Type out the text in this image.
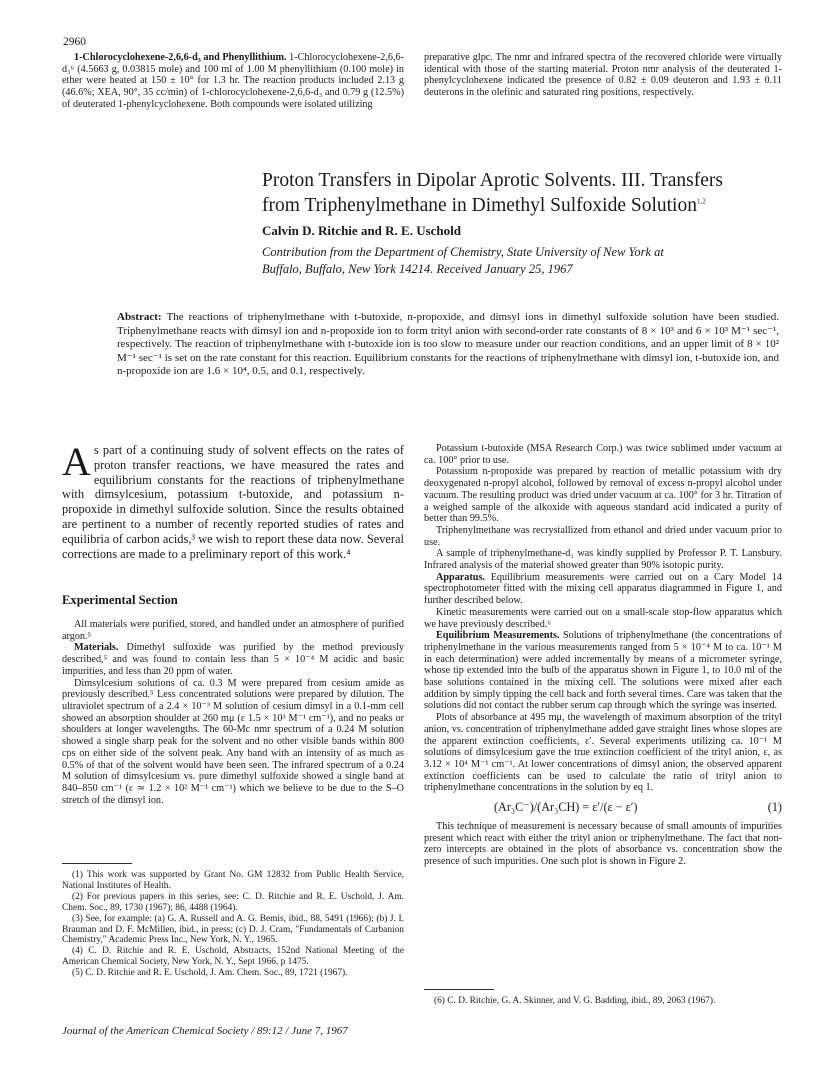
2960

1-Chlorocyclohexene-2,6,6-d₃ and Phenyllithium. 1-Chlorocyclohexene-2,6,6-d₃⁶ (4.5663 g, 0.03815 mole) and 100 ml of 1.00 M phenyllithium (0.100 mole) in ether were heated at 150 ± 10° for 1.3 hr. The reaction products included 2.13 g (46.6%; XEA, 90°, 35 cc/min) of 1-chlorocyclohexene-2,6,6-d₃ and 0.79 g (12.5%) of deuterated 1-phenylcyclohexene. Both compounds were isolated utilizing

preparative glpc. The nmr and infrared spectra of the recovered chloride were virtually identical with those of the starting material. Proton nmr analysis of the deuterated 1-phenylcyclohexene indicated the presence of 0.82 ± 0.09 deuteron and 1.93 ± 0.11 deuterons in the olefinic and saturated ring positions, respectively.

Proton Transfers in Dipolar Aprotic Solvents. III. Transfers
from Triphenylmethane in Dimethyl Sulfoxide Solution$^{1,2}$
Calvin D. Ritchie and R. E. Uschold
Contribution from the Department of Chemistry, State University of New York at
Buffalo, Buffalo, New York 14214. Received January 25, 1967
Abstract: The reactions of triphenylmethane with t-butoxide, n-propoxide, and dimsyl ions in dimethyl sulfoxide solution have been studied. Triphenylmethane reacts with dimsyl ion and n-propoxide ion to form trityl anion with second-order rate constants of 8 × 10³ and 6 × 10³ M⁻¹ sec⁻¹, respectively. The reaction of triphenylmethane with t-butoxide ion is too slow to measure under our reaction conditions, and an upper limit of 8 × 10² M⁻¹ sec⁻¹ is set on the rate constant for this reaction. Equilibrium constants for the reactions of triphenylmethane with dimsyl ion, t-butoxide ion, and n-propoxide ion are 1.6 × 10⁴, 0.5, and 0.1, respectively.
As part of a continuing study of solvent effects on the rates of proton transfer reactions, we have measured the rates and equilibrium constants for the reactions of triphenylmethane with dimsylcesium, potassium t-butoxide, and potassium n-propoxide in dimethyl sulfoxide solution. Since the results obtained are pertinent to a number of recently reported studies of rates and equilibria of carbon acids,³ we wish to report these data now. Several corrections are made to a preliminary report of this work.⁴
Experimental Section

All materials were purified, stored, and handled under an atmosphere of purified argon.⁵

Materials. Dimethyl sulfoxide was purified by the method previously described,⁵ and was found to contain less than 5 × 10⁻⁴ M acidic and basic impurities, and less than 20 ppm of water.

Dimsylcesium solutions of ca. 0.3 M were prepared from cesium amide as previously described.⁵ Less concentrated solutions were prepared by dilution. The ultraviolet spectrum of a 2.4 × 10⁻³ M solution of cesium dimsyl in a 0.1-mm cell showed an absorption shoulder at 260 mμ (ε 1.5 × 10³ M⁻¹ cm⁻¹), and no peaks or shoulders at longer wavelengths. The 60-Mc nmr spectrum of a 0.24 M solution showed a single sharp peak for the solvent and no other visible bands within 800 cps on either side of the solvent peak. Any band with an intensity of as much as 0.5% of that of the solvent would have been seen. The infrared spectrum of a 0.24 M solution of dimsylcesium vs. pure dimethyl sulfoxide showed a single band at 840–850 cm⁻¹ (ε ≃ 1.2 × 10² M⁻¹ cm⁻¹) which we believe to be due to the S–O stretch of the dimsyl ion.

(1) This work was supported by Grant No. GM 12832 from Public Health Service, National Institutes of Health.

(2) For previous papers in this series, see: C. D. Ritchie and R. E. Uschold, J. Am. Chem. Soc., 89, 1730 (1967); 86, 4488 (1964).

(3) See, for example: (a) G. A. Russell and A. G. Bemis, ibid., 88, 5491 (1966); (b) J. I. Brauman and D. F. McMillen, ibid., in press; (c) D. J. Cram, "Fundamentals of Carbanion Chemistry," Academic Press Inc., New York, N. Y., 1965.

(4) C. D. Ritchie and R. E. Uschold, Abstracts, 152nd National Meeting of the American Chemical Society, New York, N. Y., Sept 1966, p 1475.

(5) C. D. Ritchie and R. E. Uschold, J. Am. Chem. Soc., 89, 1721 (1967).

Potassium t-butoxide (MSA Research Corp.) was twice sublimed under vacuum at ca. 100° prior to use.

Potassium n-propoxide was prepared by reaction of metallic potassium with dry deoxygenated n-propyl alcohol, followed by removal of excess n-propyl alcohol under vacuum. The resulting product was dried under vacuum at ca. 100° for 3 hr. Titration of a weighed sample of the alkoxide with aqueous standard acid indicated a purity of better than 99.5%.

Triphenylmethane was recrystallized from ethanol and dried under vacuum prior to use.

A sample of triphenylmethane-d₁ was kindly supplied by Professor P. T. Lansbury. Infrared analysis of the material showed greater than 90% isotopic purity.

Apparatus. Equilibrium measurements were carried out on a Cary Model 14 spectrophotometer fitted with the mixing cell apparatus diagrammed in Figure 1, and further described below.

Kinetic measurements were carried out on a small-scale stop-flow apparatus which we have previously described.⁶

Equilibrium Measurements. Solutions of triphenylmethane (the concentrations of triphenylmethane in the various measurements ranged from 5 × 10⁻⁴ M to ca. 10⁻¹ M in each determination) were added incrementally by means of a micrometer syringe, whose tip extended into the bulb of the apparatus shown in Figure 1, to 10.0 ml of the base solutions contained in the mixing cell. The solutions were mixed after each addition by simply tipping the cell back and forth several times. Care was taken that the solutions did not contact the rubber serum cap through which the syringe was inserted.

Plots of absorbance at 495 mμ, the wavelength of maximum absorption of the trityl anion, vs. concentration of triphenylmethane added gave straight lines whose slopes are the apparent extinction coefficients, ε′. Several experiments utilizing ca. 10⁻¹ M solutions of dimsylcesium gave the true extinction coefficient of the trityl anion, ε, as 3.12 × 10⁴ M⁻¹ cm⁻¹. At lower concentrations of dimsyl anion, the observed apparent extinction coefficients can be used to calculate the ratio of trityl anion to triphenylmethane concentrations in the solution by eq 1.

(Ar₃C⁻)/(Ar₃CH) = ε′/(ε − ε′)	(1)

This technique of measurement is necessary because of small amounts of impurities present which react with either the trityl anion or triphenylmethane. The fact that non-zero intercepts are obtained in the plots of absorbance vs. concentration show the presence of such impurities. One such plot is shown in Figure 2.

(6) C. D. Ritchie, G. A. Skinner, and V. G. Badding, ibid., 89, 2063 (1967).

Journal of the American Chemical Society / 89:12 / June 7, 1967
